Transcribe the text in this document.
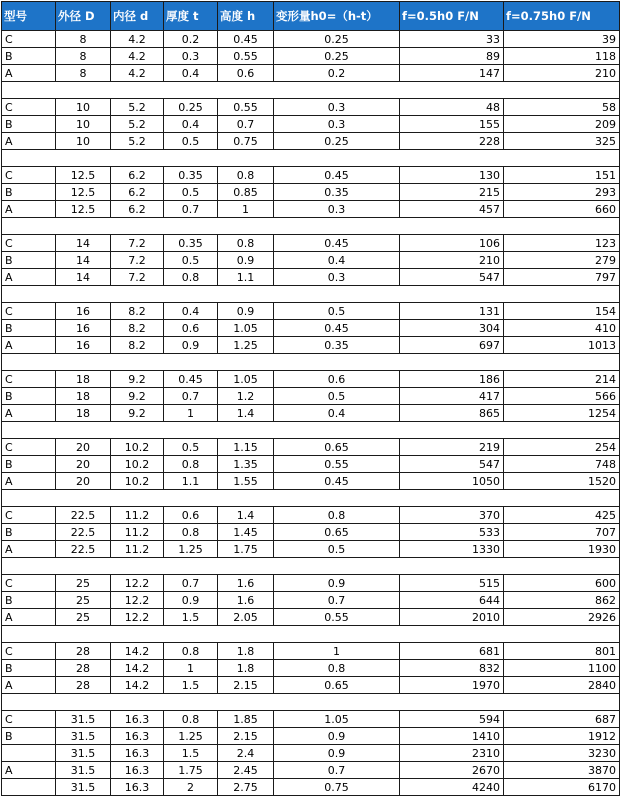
型号	外径 D	内径 d	厚度 t	高度 h	变形量h0=（h-t）	f=0.5h0 F/N	f=0.75h0 F/N
C	8	4.2	0.2	0.45	0.25	33	39
B	8	4.2	0.3	0.55	0.25	89	118
A	8	4.2	0.4	0.6	0.2	147	210

C	10	5.2	0.25	0.55	0.3	48	58
B	10	5.2	0.4	0.7	0.3	155	209
A	10	5.2	0.5	0.75	0.25	228	325

C	12.5	6.2	0.35	0.8	0.45	130	151
B	12.5	6.2	0.5	0.85	0.35	215	293
A	12.5	6.2	0.7	1	0.3	457	660

C	14	7.2	0.35	0.8	0.45	106	123
B	14	7.2	0.5	0.9	0.4	210	279
A	14	7.2	0.8	1.1	0.3	547	797

C	16	8.2	0.4	0.9	0.5	131	154
B	16	8.2	0.6	1.05	0.45	304	410
A	16	8.2	0.9	1.25	0.35	697	1013

C	18	9.2	0.45	1.05	0.6	186	214
B	18	9.2	0.7	1.2	0.5	417	566
A	18	9.2	1	1.4	0.4	865	1254

C	20	10.2	0.5	1.15	0.65	219	254
B	20	10.2	0.8	1.35	0.55	547	748
A	20	10.2	1.1	1.55	0.45	1050	1520

C	22.5	11.2	0.6	1.4	0.8	370	425
B	22.5	11.2	0.8	1.45	0.65	533	707
A	22.5	11.2	1.25	1.75	0.5	1330	1930

C	25	12.2	0.7	1.6	0.9	515	600
B	25	12.2	0.9	1.6	0.7	644	862
A	25	12.2	1.5	2.05	0.55	2010	2926

C	28	14.2	0.8	1.8	1	681	801
B	28	14.2	1	1.8	0.8	832	1100
A	28	14.2	1.5	2.15	0.65	1970	2840

C	31.5	16.3	0.8	1.85	1.05	594	687
B	31.5	16.3	1.25	2.15	0.9	1410	1912
	31.5	16.3	1.5	2.4	0.9	2310	3230
A	31.5	16.3	1.75	2.45	0.7	2670	3870
	31.5	16.3	2	2.75	0.75	4240	6170
